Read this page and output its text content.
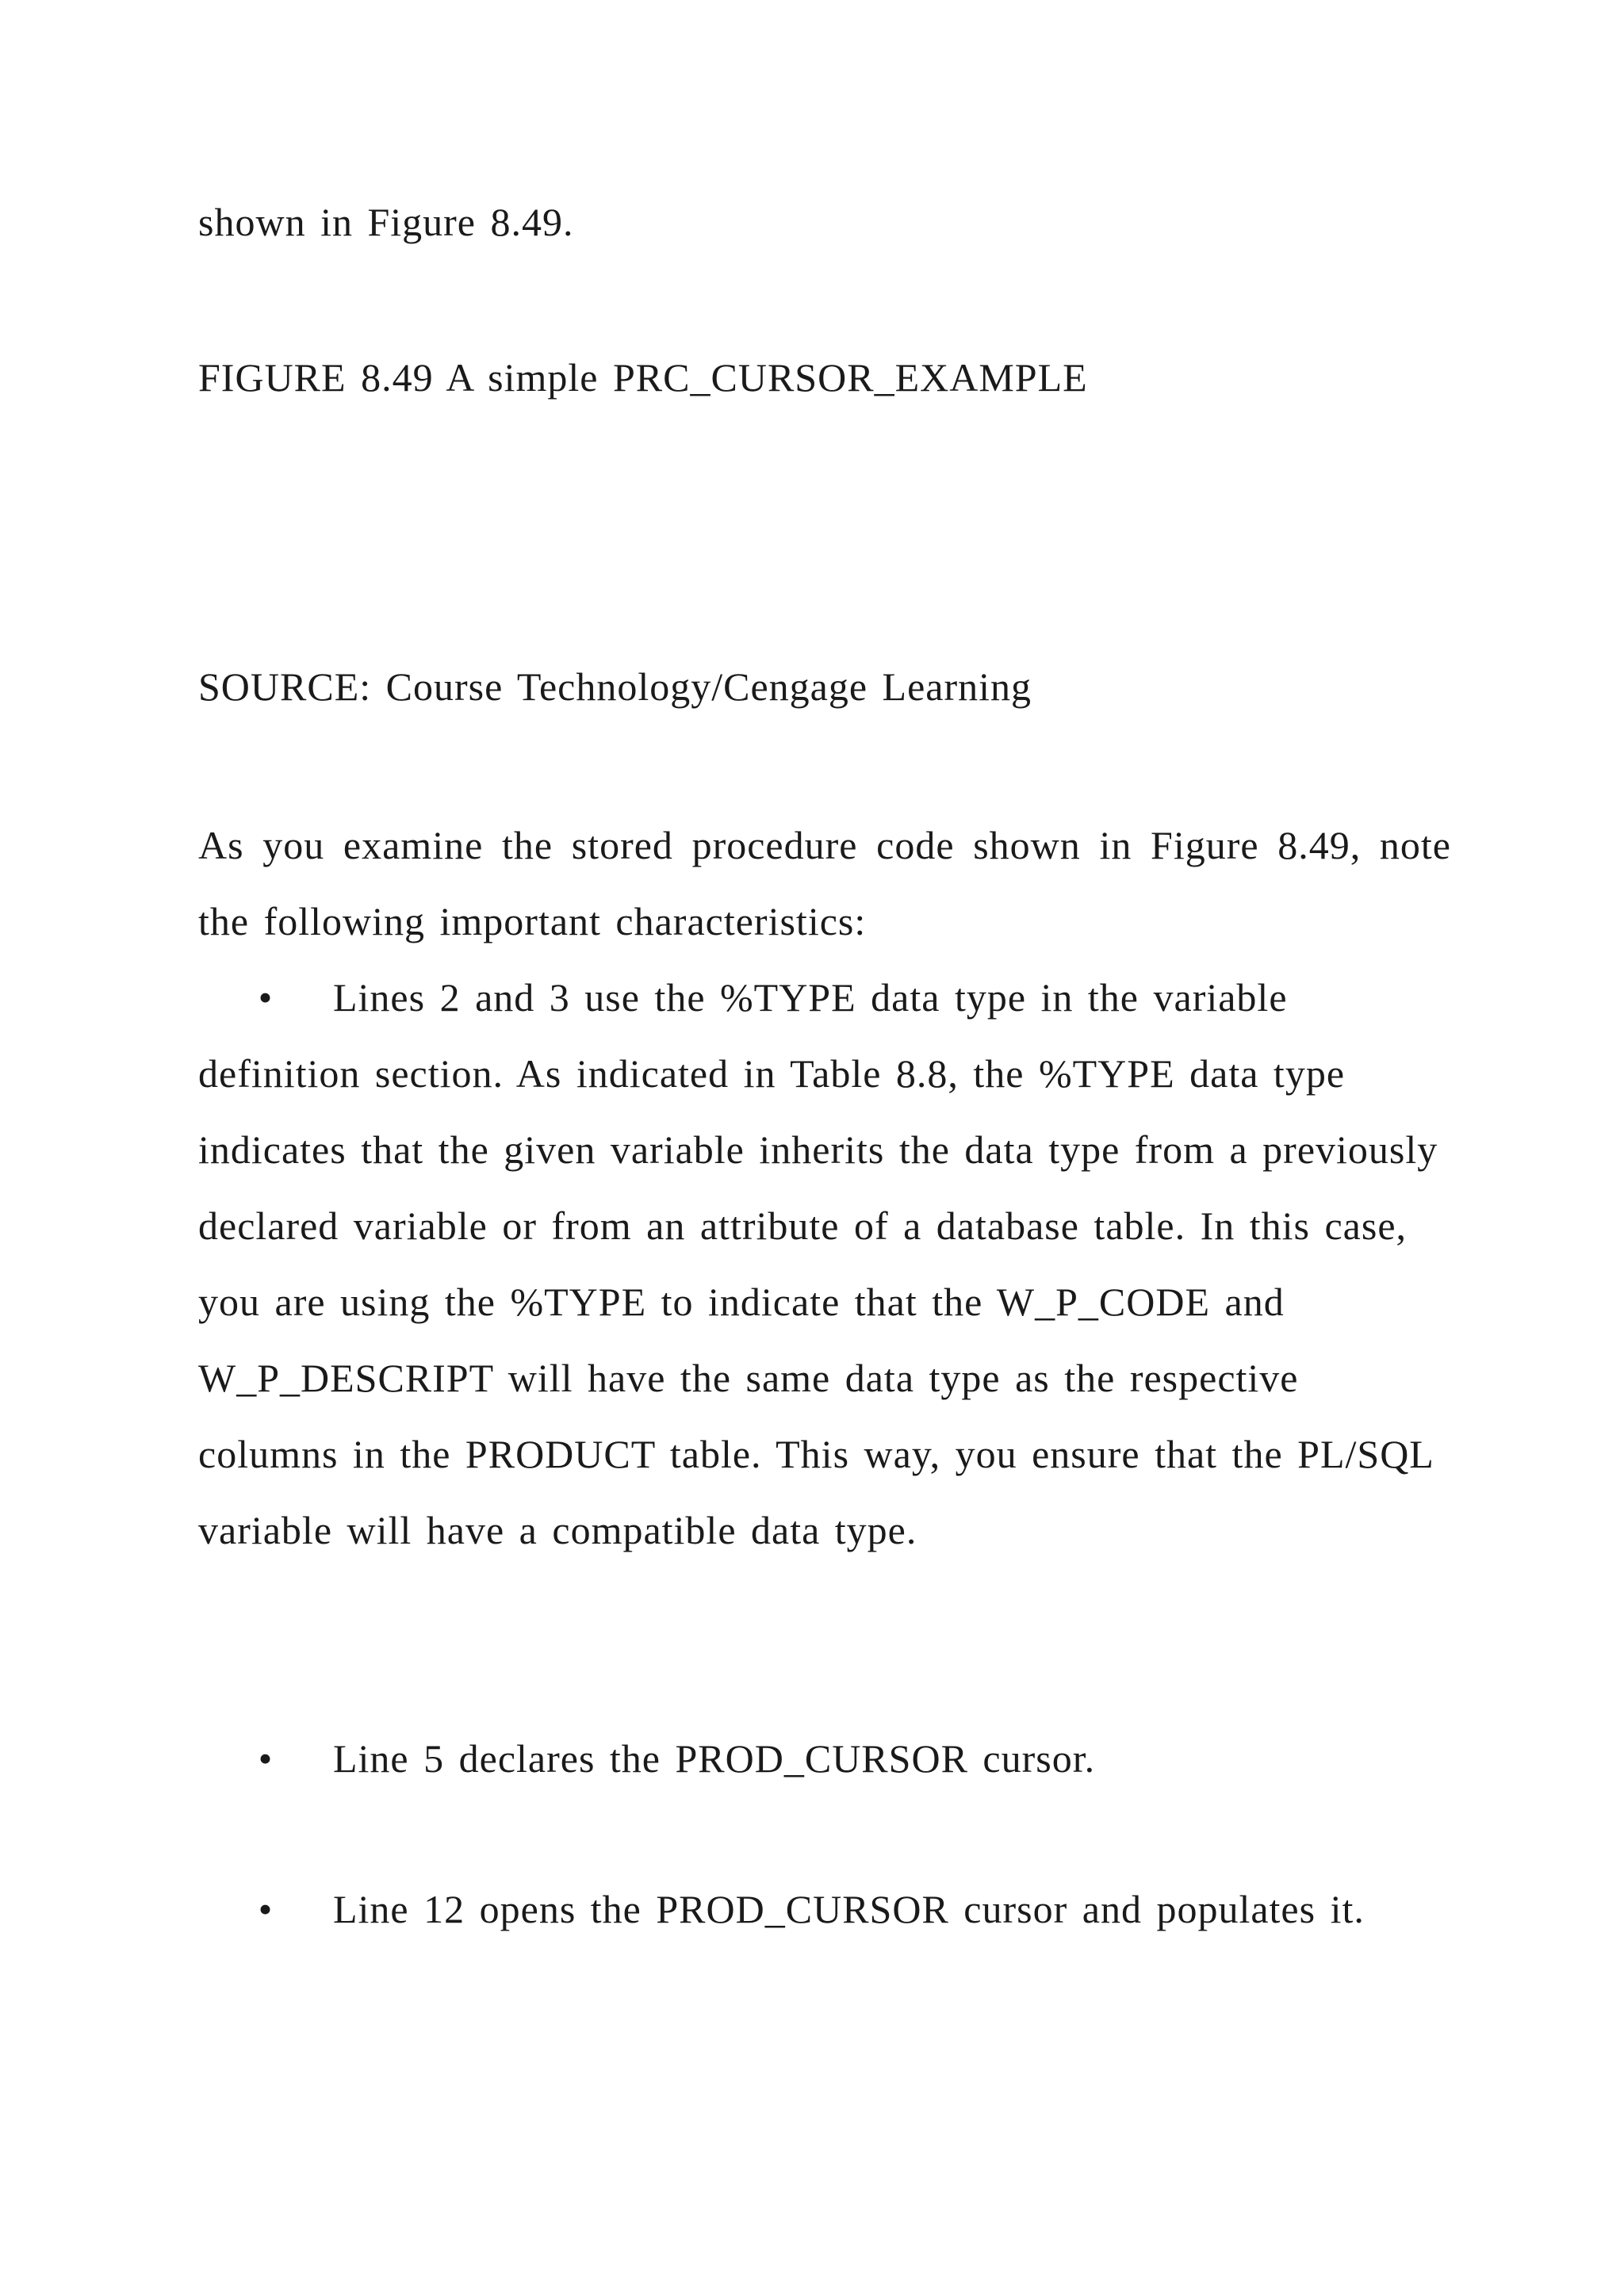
shown in Figure 8.49.

FIGURE 8.49 A simple PRC_CURSOR_EXAMPLE

SOURCE: Course Technology/Cengage Learning

As you examine the stored procedure code shown in Figure 8.49, note the following important characteristics:

• Lines 2 and 3 use the %TYPE data type in the variable definition section. As indicated in Table 8.8, the %TYPE data type indicates that the given variable inherits the data type from a previously declared variable or from an attribute of a database table. In this case, you are using the %TYPE to indicate that the W_P_CODE and W_P_DESCRIPT will have the same data type as the respective columns in the PRODUCT table. This way, you ensure that the PL/SQL variable will have a compatible data type.
• Line 5 declares the PROD_CURSOR cursor.
• Line 12 opens the PROD_CURSOR cursor and populates it.
